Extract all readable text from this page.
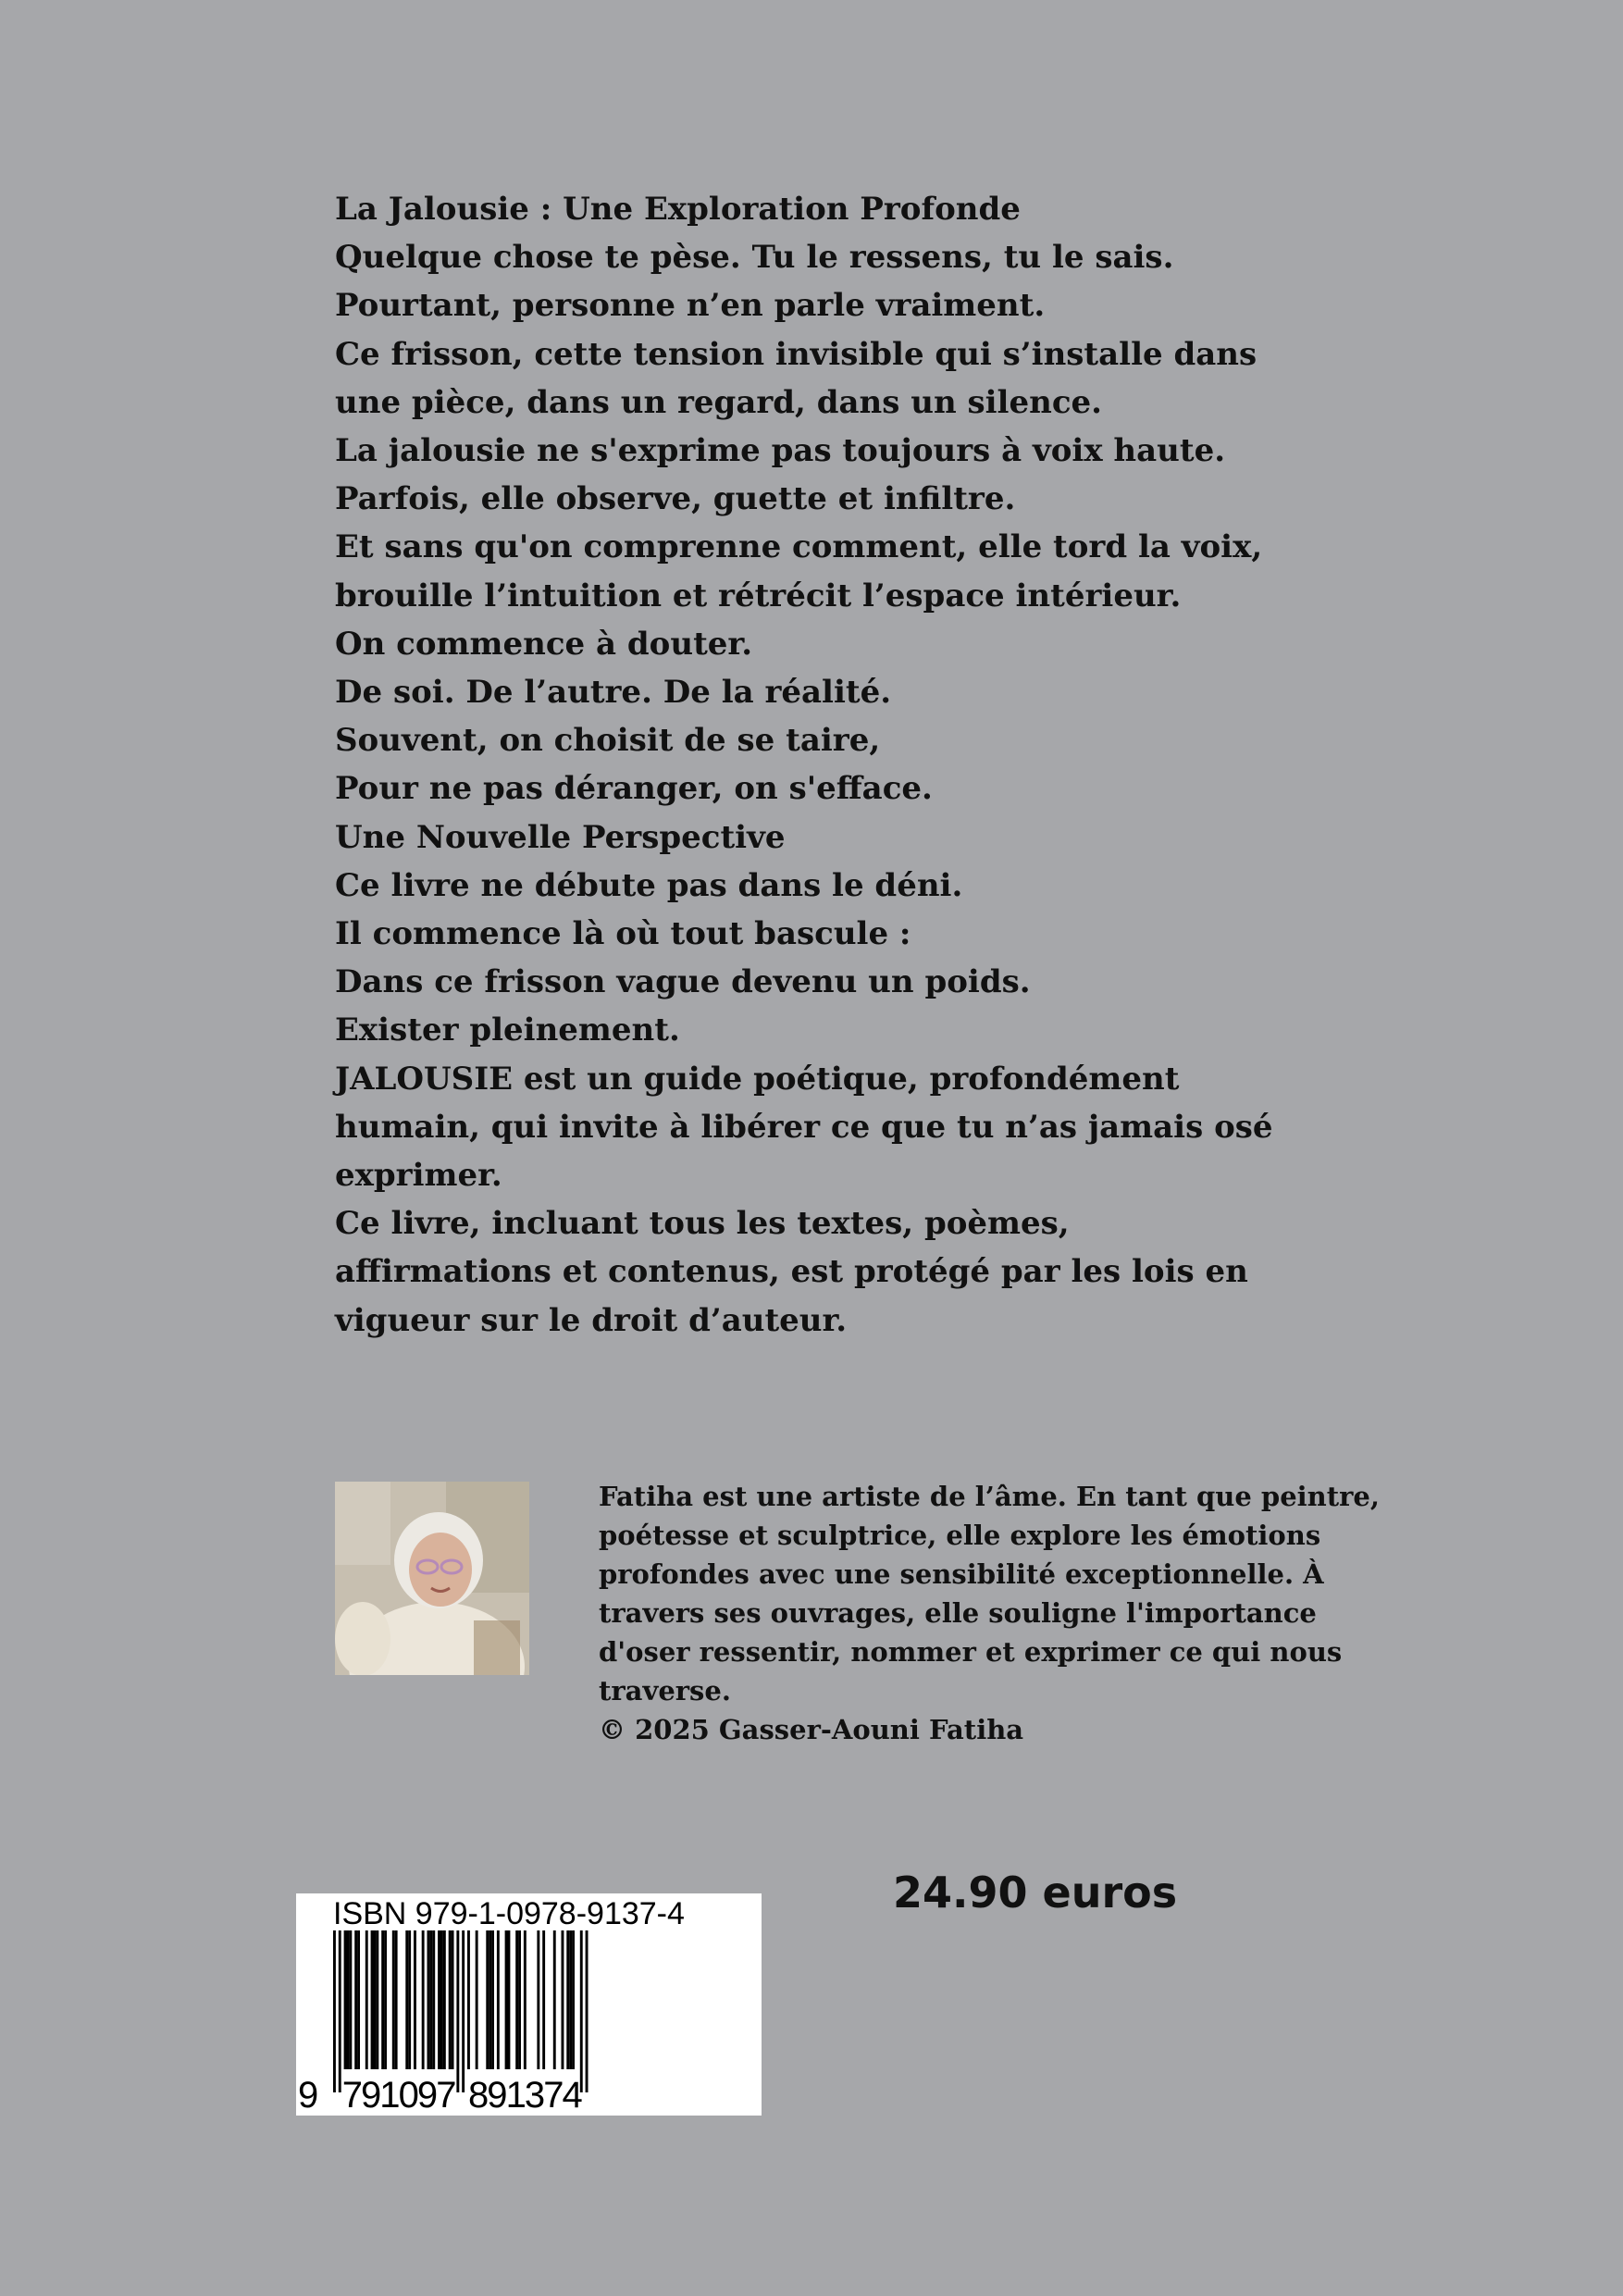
La Jalousie : Une Exploration Profonde
Quelque chose te pèse. Tu le ressens, tu le sais.
Pourtant, personne n’en parle vraiment.
Ce frisson, cette tension invisible qui s’installe dans
une pièce, dans un regard, dans un silence.
La jalousie ne s'exprime pas toujours à voix haute.
Parfois, elle observe, guette et infiltre.
Et sans qu'on comprenne comment, elle tord la voix,
brouille l’intuition et rétrécit l’espace intérieur.
On commence à douter.
De soi. De l’autre. De la réalité.
Souvent, on choisit de se taire,
Pour ne pas déranger, on s'efface.
Une Nouvelle Perspective
Ce livre ne débute pas dans le déni.
Il commence là où tout bascule :
Dans ce frisson vague devenu un poids.
Exister pleinement.
JALOUSIE est un guide poétique, profondément
humain, qui invite à libérer ce que tu n’as jamais osé
exprimer.
Ce livre, incluant tous les textes, poèmes,
affirmations et contenus, est protégé par les lois en
vigueur sur le droit d’auteur.
Fatiha est une artiste de l’âme. En tant que peintre,
poétesse et sculptrice, elle explore les émotions
profondes avec une sensibilité exceptionnelle. À
travers ses ouvrages, elle souligne l'importance
d'oser ressentir, nommer et exprimer ce qui nous
traverse.
© 2025 Gasser-Aouni Fatiha
ISBN 979-1-0978-9137-4
9 7
9
1
0
9
7 8
9
1
3
7
4
24.90 euros
